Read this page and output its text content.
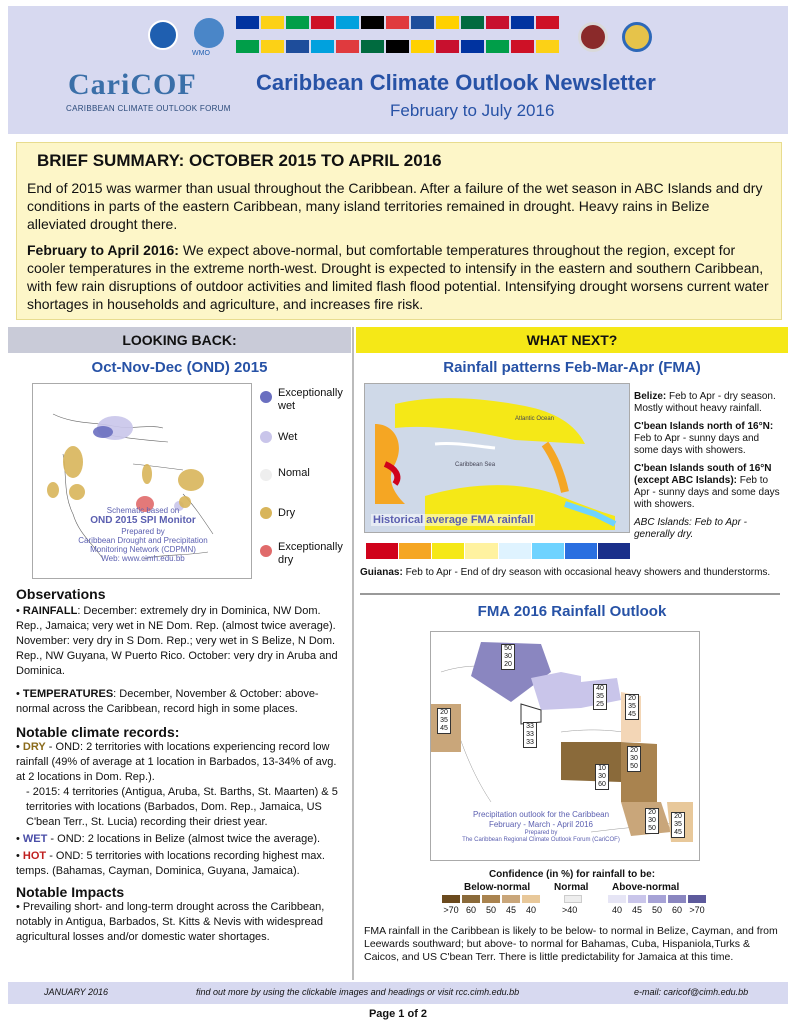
WMO
CariCOF
CARIBBEAN CLIMATE OUTLOOK FORUM
Caribbean Climate Outlook Newsletter
February to July 2016
BRIEF SUMMARY: OCTOBER 2015 TO APRIL 2016

End of 2015 was warmer than usual throughout the Caribbean. After a failure of the wet season in ABC Islands and dry conditions in parts of the eastern Caribbean, many island territories remained in drought. Heavy rains in Belize alleviated drought there.

February to April 2016: We expect above-normal, but comfortable temperatures throughout the region, except for cooler temperatures in the extreme north-west. Drought is expected to intensify in the eastern and southern Caribbean, with few rain disruptions of outdoor activities and limited flash flood potential. Intensifying drought worsens current water shortages in households and agriculture, and increases fire risk.

LOOKING BACK:
Oct-Nov-Dec (OND) 2015
Schematic based on
OND 2015 SPI Monitor
Prepared by
Caribbean Drought and Precipitation
Monitoring Network (CDPMN)
Web: www.cimh.edu.bb
Exceptionally wet
Wet
Nomal
Dry
Exceptionally dry
Observations
• RAINFALL: December: extremely dry in Dominica, NW Dom. Rep., Jamaica; very wet in NE Dom. Rep. (almost twice average). November: very dry in S Dom. Rep.; very wet in S Belize, N Dom. Rep., NW Guyana, W Puerto Rico. October: very dry in Aruba and Dominica.
• TEMPERATURES: December, November & October: above-normal across the Caribbean, record high in some places.
Notable climate records:
• DRY - OND: 2 territories with locations experiencing record low rainfall (49% of average at 1 location in Barbados, 13-34% of avg. at 2 locations in Dom. Rep.).
- 2015: 4 territories (Antigua, Aruba, St. Barths, St. Maarten) & 5 territories with locations (Barbados, Dom. Rep., Jamaica, US C'bean Terr., St. Lucia) recording their driest year.
• WET - OND: 2 locations in Belize (almost twice the average).
• HOT - OND: 5 territories with locations recording highest max. temps. (Bahamas, Cayman, Dominica, Guyana, Jamaica).
Notable Impacts
• Prevailing short- and long-term drought across the Caribbean, notably in Antigua, Barbados, St. Kitts & Nevis with widespread agricultural losses and/or domestic water shortages.
WHAT NEXT?
Rainfall patterns Feb-Mar-Apr (FMA)
Atlantic Ocean
Caribbean Sea
Historical average FMA rainfall
Belize: Feb to Apr - dry season. Mostly without heavy rainfall.
C'bean Islands north of 16°N: Feb to Apr - sunny days and some days with showers.
C'bean Islands south of 16°N (except ABC Islands): Feb to Apr - sunny days and some days with showers.
ABC Islands: Feb to Apr - generally dry.
Guianas: Feb to Apr - End of dry season with occasional heavy showers and thunderstorms.
FMA 2016 Rainfall Outlook
50
30
20
40
35
25
20
35
45
20
35
45	33
33
33
20
30
50
10
30
60
20
30
50
20
35
45
Precipitation outlook for the Caribbean
February - March - April 2016
Prepared by
The Caribbean Regional Climate Outlook Forum (CariCOF)
Confidence (in %) for rainfall to be:
Below-normal Normal Above-normal
>70 60	50	45	40	>40	40	45	50	60 >70
FMA rainfall in the Caribbean is likely to be below- to normal in Belize, Cayman, and from Leewards southward; but above- to normal for Bahamas, Cuba, Hispaniola,Turks & Caicos, and US C'bean Terr. There is little predictability for Jamaica at this time.
JANUARY 2016	find out more by using the clickable images and headings or visit rcc.cimh.edu.bb	e-mail: caricof@cimh.edu.bb
Page 1 of 2
